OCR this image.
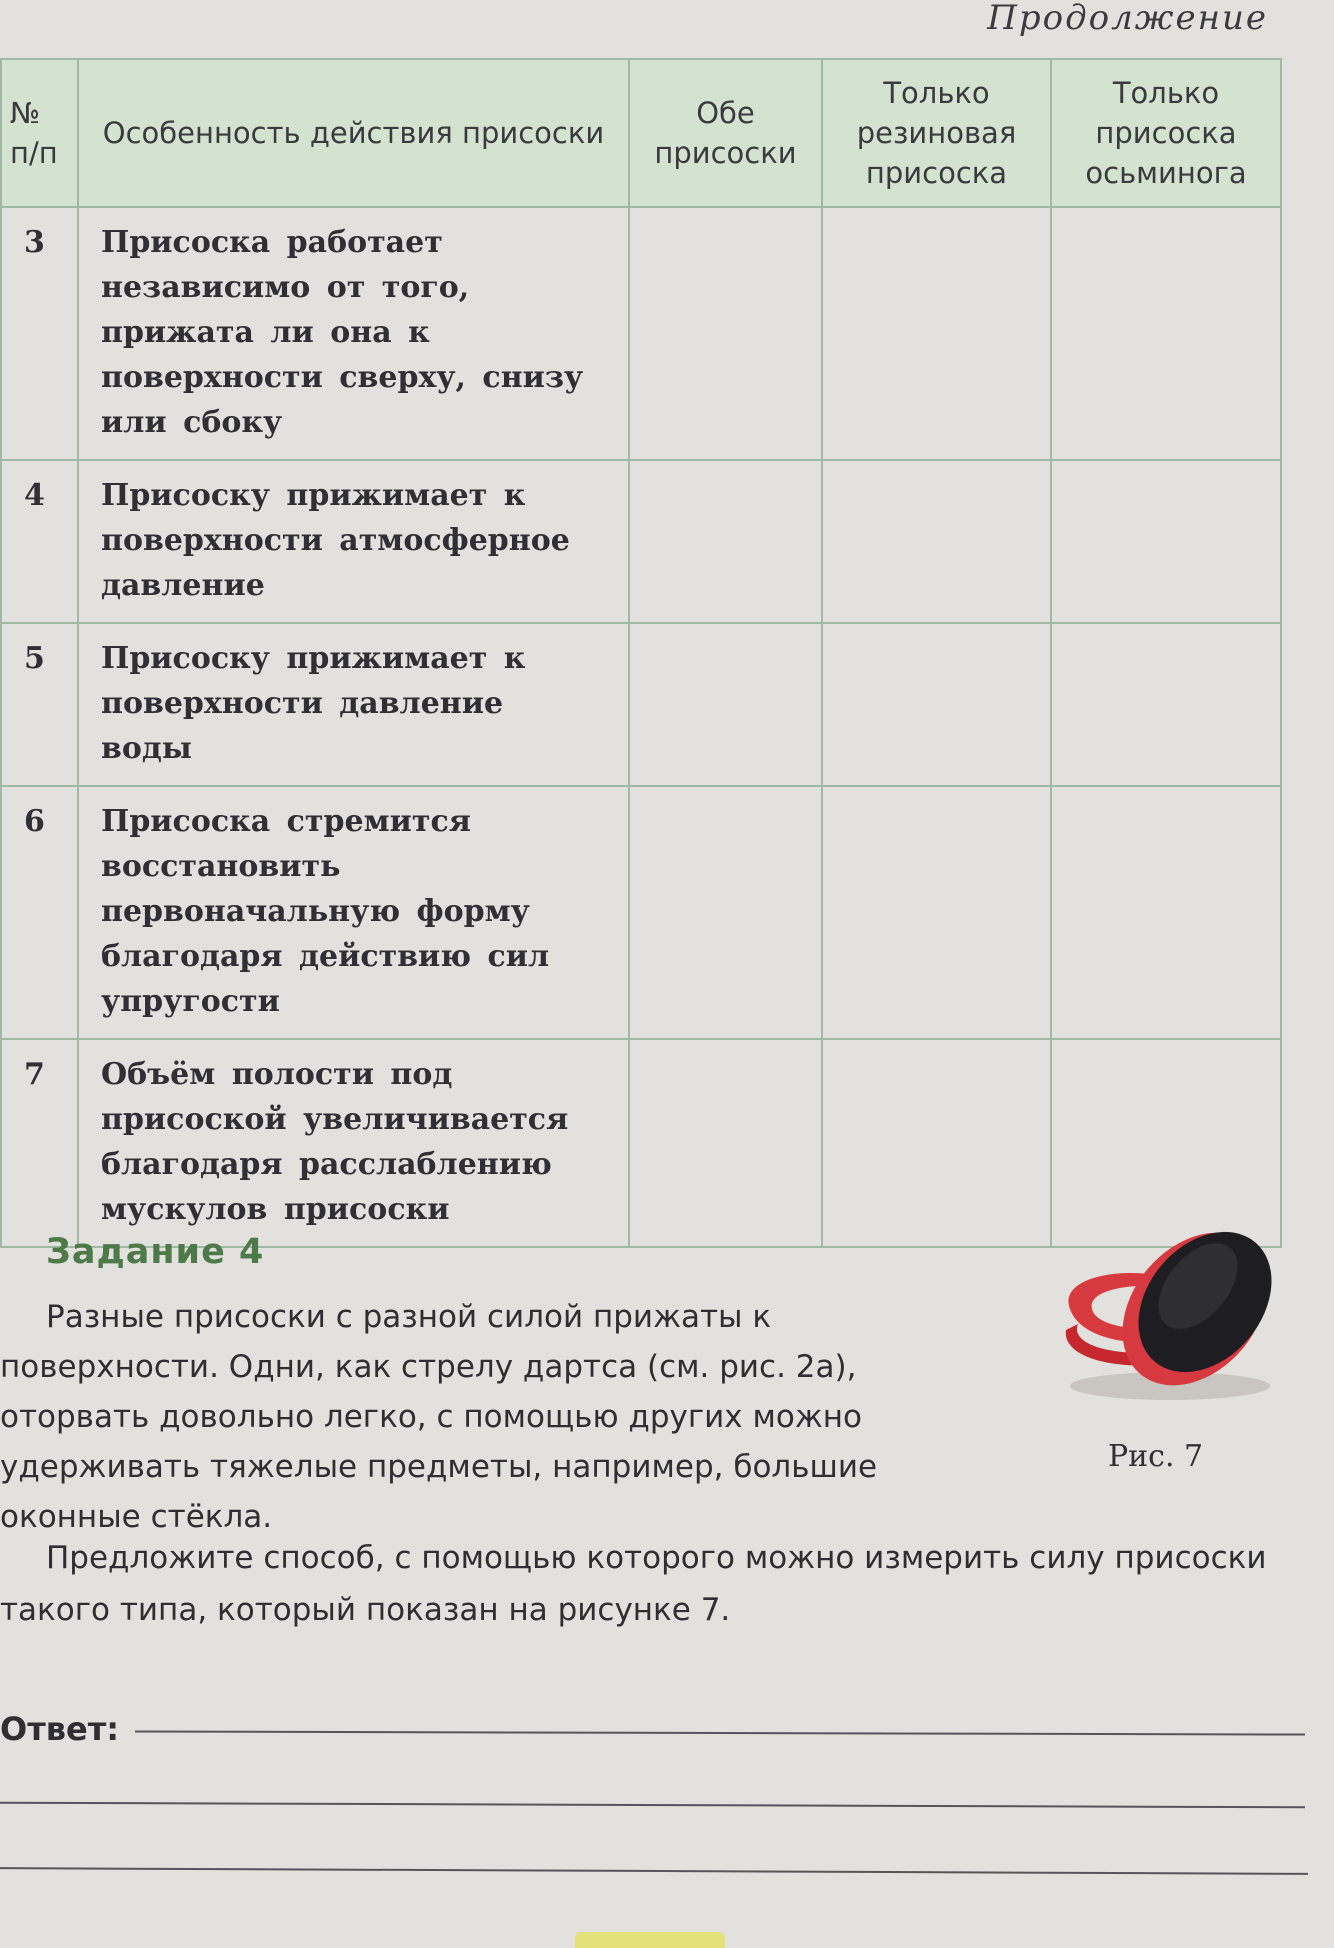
Продолжение
№ п/п	Особенность действия присоски	Обе присоски	Только резиновая присоска	Только присоска осьминога
3	Присоска работает независимо от того, прижата ли она к поверхности сверху, снизу или сбоку			
4	Присоску прижимает к поверхности атмосферное давление			
5	Присоску прижимает к поверхности давление воды			
6	Присоска стремится восстановить первоначальную форму благодаря действию сил упругости			
7	Объём полости под присоской увеличивается благодаря расслаблению мускулов присоски			
Задание 4

Разные присоски с разной силой прижаты к поверхности. Одни, как стрелу дартса (см. рис. 2а), оторвать довольно легко, с помощью других можно удерживать тяжелые предметы, например, большие оконные стёкла.

Рис. 7

Предложите способ, с помощью которого можно измерить силу присоски такого типа, который показан на рисунке 7.

Ответ:
